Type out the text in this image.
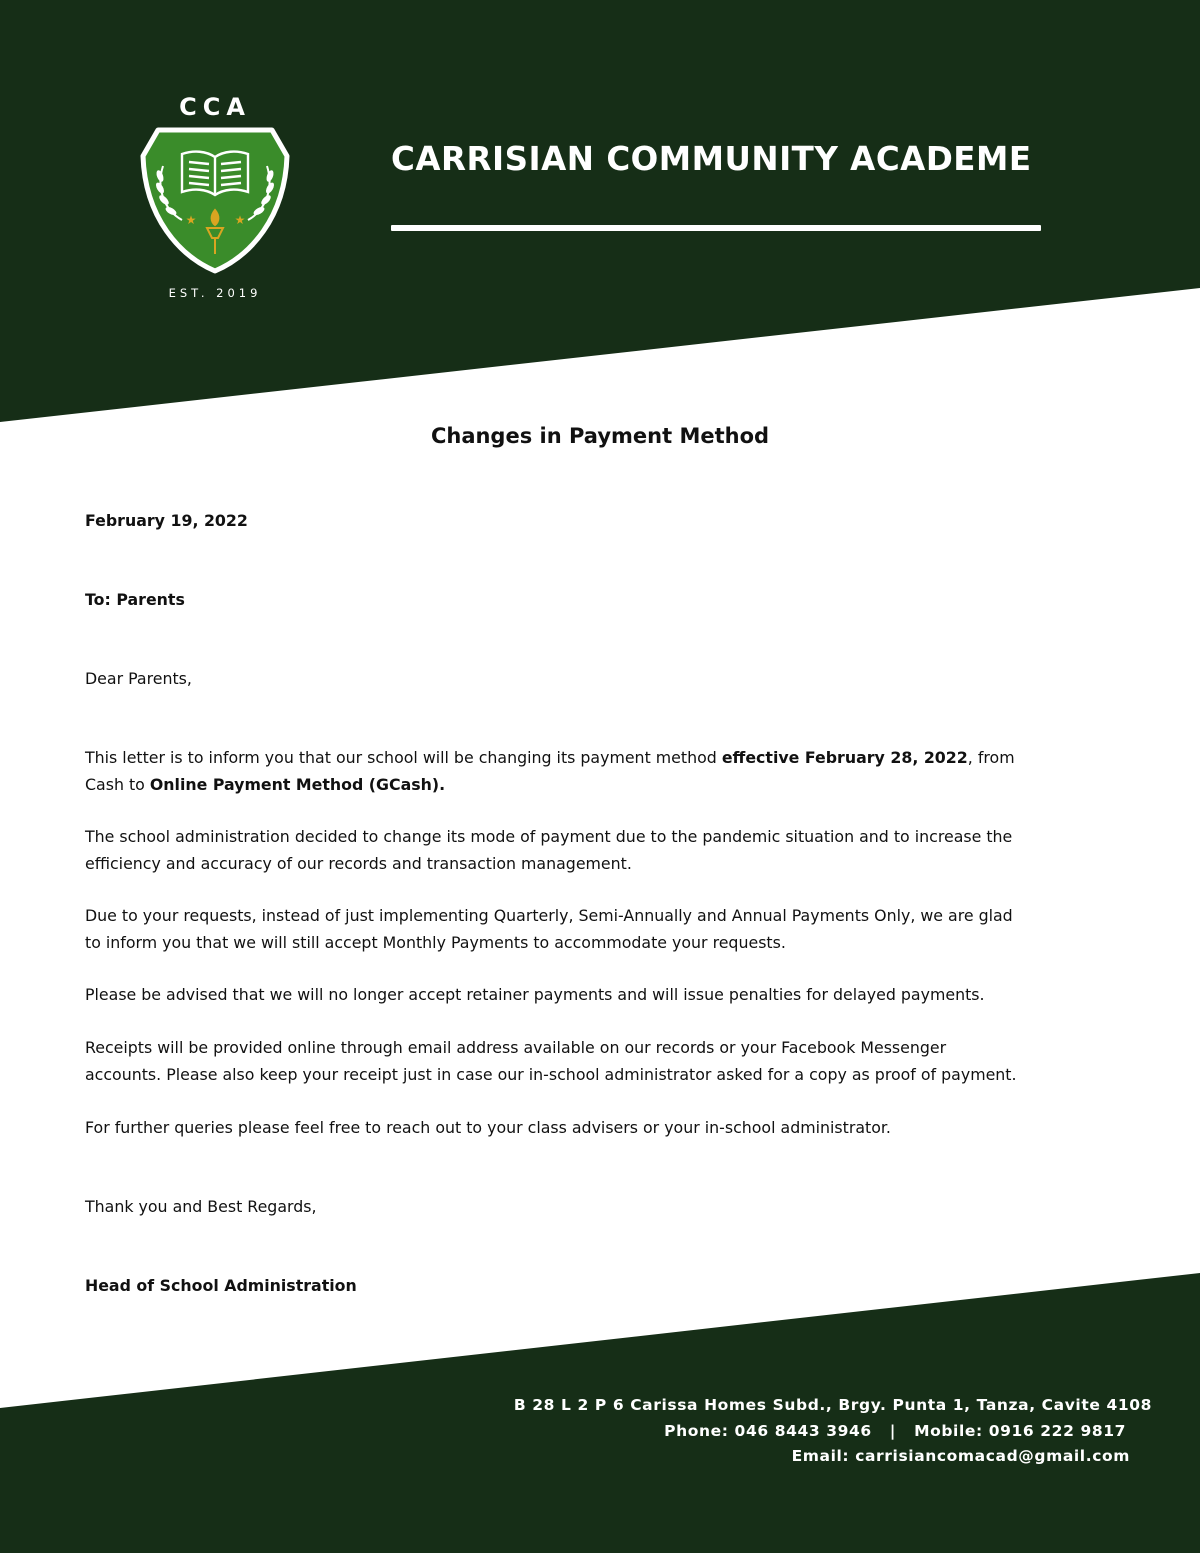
CCA
★	★
EST. 2019
CARRISIAN COMMUNITY ACADEME
Changes in Payment Method
February 19, 2022
To: Parents
Dear Parents,
This letter is to inform you that our school will be changing its payment method effective February 28, 2022, from
Cash to Online Payment Method (GCash).
The school administration decided to change its mode of payment due to the pandemic situation and to increase the
efficiency and accuracy of our records and transaction management.
Due to your requests, instead of just implementing Quarterly, Semi-Annually and Annual Payments Only, we are glad
to inform you that we will still accept Monthly Payments to accommodate your requests.
Please be advised that we will no longer accept retainer payments and will issue penalties for delayed payments.
Receipts will be provided online through email address available on our records or your Facebook Messenger
accounts. Please also keep your receipt just in case our in-school administrator asked for a copy as proof of payment.
For further queries please feel free to reach out to your class advisers or your in-school administrator.
Thank you and Best Regards,
Head of School Administration
B 28 L 2 P 6 Carissa Homes Subd., Brgy. Punta 1, Tanza, Cavite 4108
Phone: 046 8443 3946 | Mobile: 0916 222 9817
Email: carrisiancomacad@gmail.com
